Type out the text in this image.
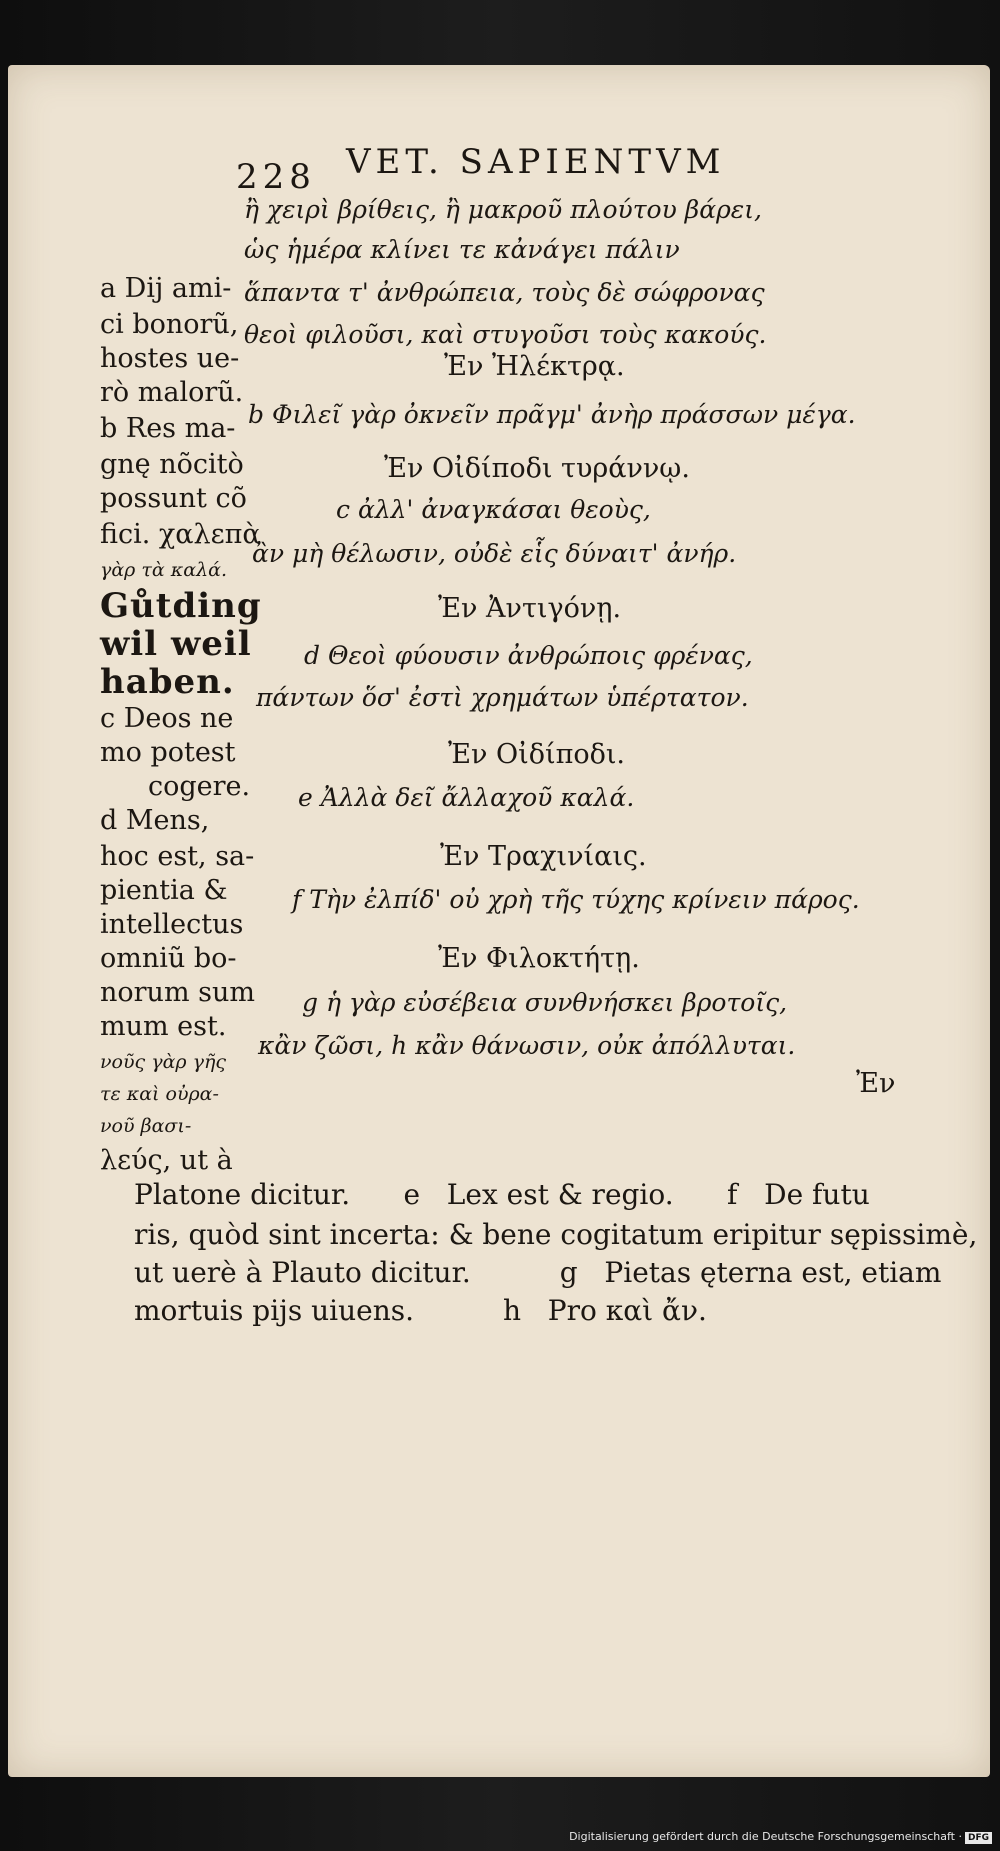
228 VET. SAPIENTVM
ἢ χειρὶ βρίθεις, ἢ μακροῦ πλούτου βάρει,
ὡς ἡμέρα κλίνει τε κἀνάγει πάλιν
ἅπαντα τ' ἀνθρώπεια, τοὺς δὲ σώφρονας
θεοὶ φιλοῦσι, καὶ στυγοῦσι τοὺς κακούς.
Ἐν Ἠλέκτρᾳ.
b Φιλεῖ γὰρ ὀκνεῖν πρᾶγμ' ἀνὴρ πράσσων μέγα.
Ἐν Οἰδίποδι τυράννῳ.
c ἀλλ' ἀναγκάσαι θεοὺς,
ἂν μὴ θέλωσιν, οὐδὲ εἷς δύναιτ' ἀνήρ.
Ἐν Ἀντιγόνῃ.
d Θεοὶ φύουσιν ἀνθρώποις φρένας,
πάντων ὅσ' ἐστὶ χρημάτων ὑπέρτατον.
Ἐν Οἰδίποδι.
e Ἀλλὰ δεῖ ἄλλαχοῦ καλά.
Ἐν Τραχινίαις.
f Τὴν ἐλπίδ' οὐ χρὴ τῆς τύχης κρίνειν πάρος.
Ἐν Φιλοκτήτῃ.
g ἡ γὰρ εὐσέβεια συνθνήσκει βροτοῖς,
κἂν ζῶσι, h κἂν θάνωσιν, οὐκ ἀπόλλυται.
Ἐν
a Dij ami-
ci bonorũ,
hostes ue-
rò malorũ.
b Res ma-
gnę nõcitò
possunt cõ
fici. χαλεπὰ
γὰρ τὰ καλά.
Gůtding
wil weil
haben.
c Deos ne
mo potest
cogere.
d Mens,
hoc est, sa-
pientia &
intellectus
omniũ bo-
norum sum
mum est.
νοῦς γὰρ γῆς
τε καὶ οὐρα-
νοῦ βασι-
λεύς, ut à
Platone dicitur.      e   Lex est & regio.      f   De futu
ris, quòd sint incerta: & bene cogitatum eripitur sępissimè,
ut uerè à Plauto dicitur.          g   Pietas ęterna est, etiam
mortuis pijs uiuens.          h   Pro καὶ ἄν.
Digitalisierung gefördert durch die Deutsche Forschungsgemeinschaft · DFG
